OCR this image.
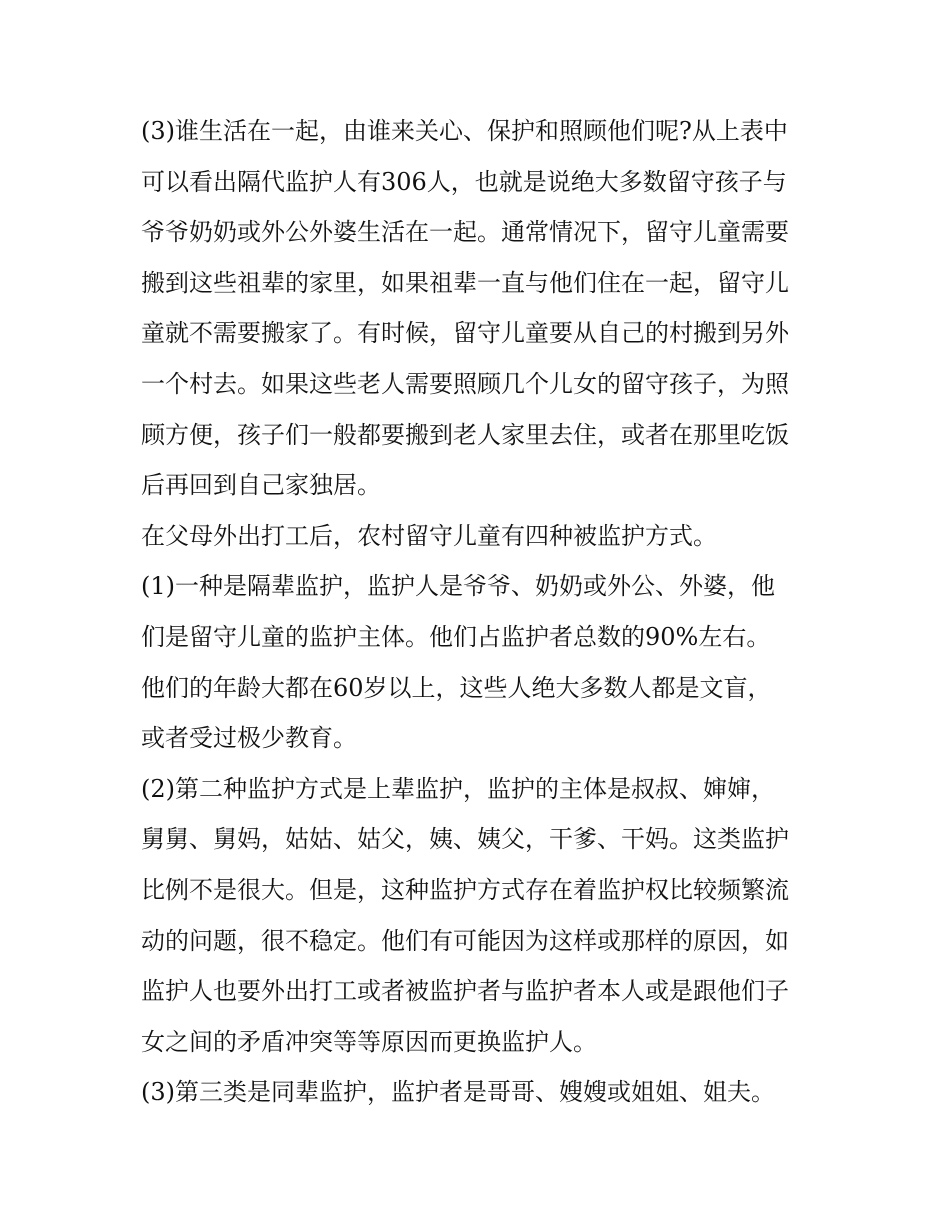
(3)谁生活在一起，由谁来关心、保护和照顾他们呢?从上表中
可以看出隔代监护人有306人，也就是说绝大多数留守孩子与
爷爷奶奶或外公外婆生活在一起。通常情况下，留守儿童需要
搬到这些祖辈的家里，如果祖辈一直与他们住在一起，留守儿
童就不需要搬家了。有时候，留守儿童要从自己的村搬到另外
一个村去。如果这些老人需要照顾几个儿女的留守孩子，为照
顾方便，孩子们一般都要搬到老人家里去住，或者在那里吃饭
后再回到自己家独居。
在父母外出打工后，农村留守儿童有四种被监护方式。
(1)一种是隔辈监护，监护人是爷爷、奶奶或外公、外婆，他
们是留守儿童的监护主体。他们占监护者总数的90%左右。
他们的年龄大都在60岁以上，这些人绝大多数人都是文盲，
或者受过极少教育。
(2)第二种监护方式是上辈监护，监护的主体是叔叔、婶婶，
舅舅、舅妈，姑姑、姑父，姨、姨父，干爹、干妈。这类监护
比例不是很大。但是，这种监护方式存在着监护权比较频繁流
动的问题，很不稳定。他们有可能因为这样或那样的原因，如
监护人也要外出打工或者被监护者与监护者本人或是跟他们子
女之间的矛盾冲突等等原因而更换监护人。
(3)第三类是同辈监护，监护者是哥哥、嫂嫂或姐姐、姐夫。
